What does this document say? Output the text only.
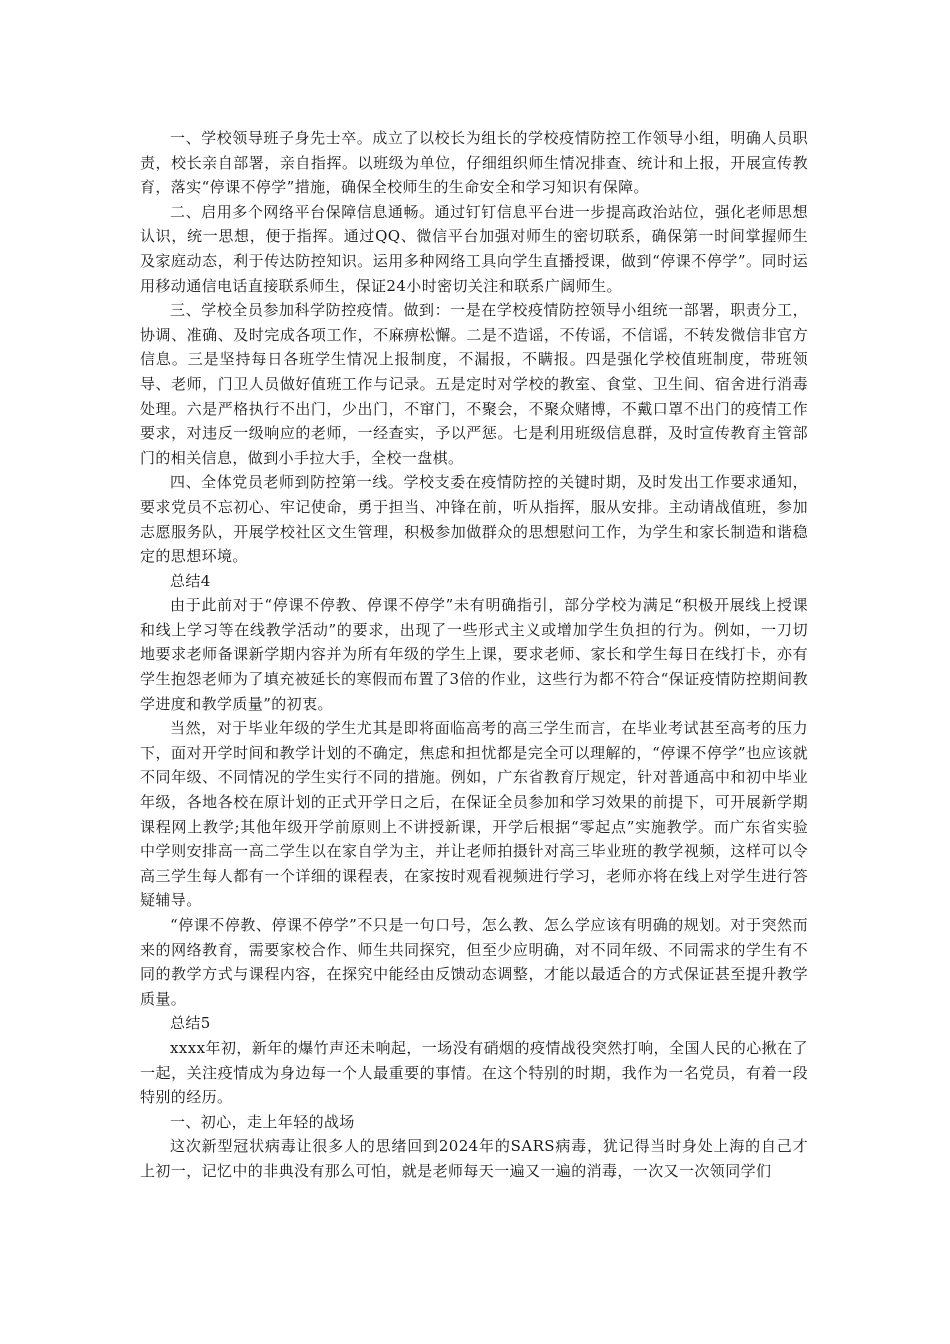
一、学校领导班子身先士卒。成立了以校长为组长的学校疫情防控工作领导小组，明确人员职责，校长亲自部署，亲自指挥。以班级为单位，仔细组织师生情况排查、统计和上报，开展宣传教育，落实“停课不停学”措施，确保全校师生的生命安全和学习知识有保障。

二、启用多个网络平台保障信息通畅。通过钉钉信息平台进一步提高政治站位，强化老师思想认识，统一思想，便于指挥。通过QQ、微信平台加强对师生的密切联系，确保第一时间掌握师生及家庭动态，利于传达防控知识。运用多种网络工具向学生直播授课，做到“停课不停学”。同时运用移动通信电话直接联系师生，保证24小时密切关注和联系广阔师生。

三、学校全员参加科学防控疫情。做到：一是在学校疫情防控领导小组统一部署，职责分工，协调、准确、及时完成各项工作，不麻痹松懈。二是不造谣，不传谣，不信谣，不转发微信非官方信息。三是坚持每日各班学生情况上报制度，不漏报，不瞒报。四是强化学校值班制度，带班领导、老师，门卫人员做好值班工作与记录。五是定时对学校的教室、食堂、卫生间、宿舍进行消毒处理。六是严格执行不出门，少出门，不窜门，不聚会，不聚众赌博，不戴口罩不出门的疫情工作要求，对违反一级响应的老师，一经查实，予以严惩。七是利用班级信息群，及时宣传教育主管部门的相关信息，做到小手拉大手，全校一盘棋。

四、全体党员老师到防控第一线。学校支委在疫情防控的关键时期，及时发出工作要求通知，要求党员不忘初心、牢记使命，勇于担当、冲锋在前，听从指挥，服从安排。主动请战值班，参加志愿服务队，开展学校社区文生管理，积极参加做群众的思想慰问工作，为学生和家长制造和谐稳定的思想环境。

总结4

由于此前对于“停课不停教、停课不停学”未有明确指引，部分学校为满足“积极开展线上授课和线上学习等在线教学活动”的要求，出现了一些形式主义或增加学生负担的行为。例如，一刀切地要求老师备课新学期内容并为所有年级的学生上课，要求老师、家长和学生每日在线打卡，亦有学生抱怨老师为了填充被延长的寒假而布置了3倍的作业，这些行为都不符合“保证疫情防控期间教学进度和教学质量”的初衷。

当然，对于毕业年级的学生尤其是即将面临高考的高三学生而言，在毕业考试甚至高考的压力下，面对开学时间和教学计划的不确定，焦虑和担忧都是完全可以理解的，“停课不停学”也应该就不同年级、不同情况的学生实行不同的措施。例如，广东省教育厅规定，针对普通高中和初中毕业年级，各地各校在原计划的正式开学日之后，在保证全员参加和学习效果的前提下，可开展新学期课程网上教学;其他年级开学前原则上不讲授新课，开学后根据“零起点”实施教学。而广东省实验中学则安排高一高二学生以在家自学为主，并让老师拍摄针对高三毕业班的教学视频，这样可以令高三学生每人都有一个详细的课程表，在家按时观看视频进行学习，老师亦将在线上对学生进行答疑辅导。

“停课不停教、停课不停学”不只是一句口号，怎么教、怎么学应该有明确的规划。对于突然而来的网络教育，需要家校合作、师生共同探究，但至少应明确，对不同年级、不同需求的学生有不同的教学方式与课程内容，在探究中能经由反馈动态调整，才能以最适合的方式保证甚至提升教学质量。

总结5

xxxx年初，新年的爆竹声还未响起，一场没有硝烟的疫情战役突然打响，全国人民的心揪在了一起，关注疫情成为身边每一个人最重要的事情。在这个特别的时期，我作为一名党员，有着一段特别的经历。

一、初心，走上年轻的战场

这次新型冠状病毒让很多人的思绪回到2024年的SARS病毒，犹记得当时身处上海的自己才上初一，记忆中的非典没有那么可怕，就是老师每天一遍又一遍的消毒，一次又一次领同学们
